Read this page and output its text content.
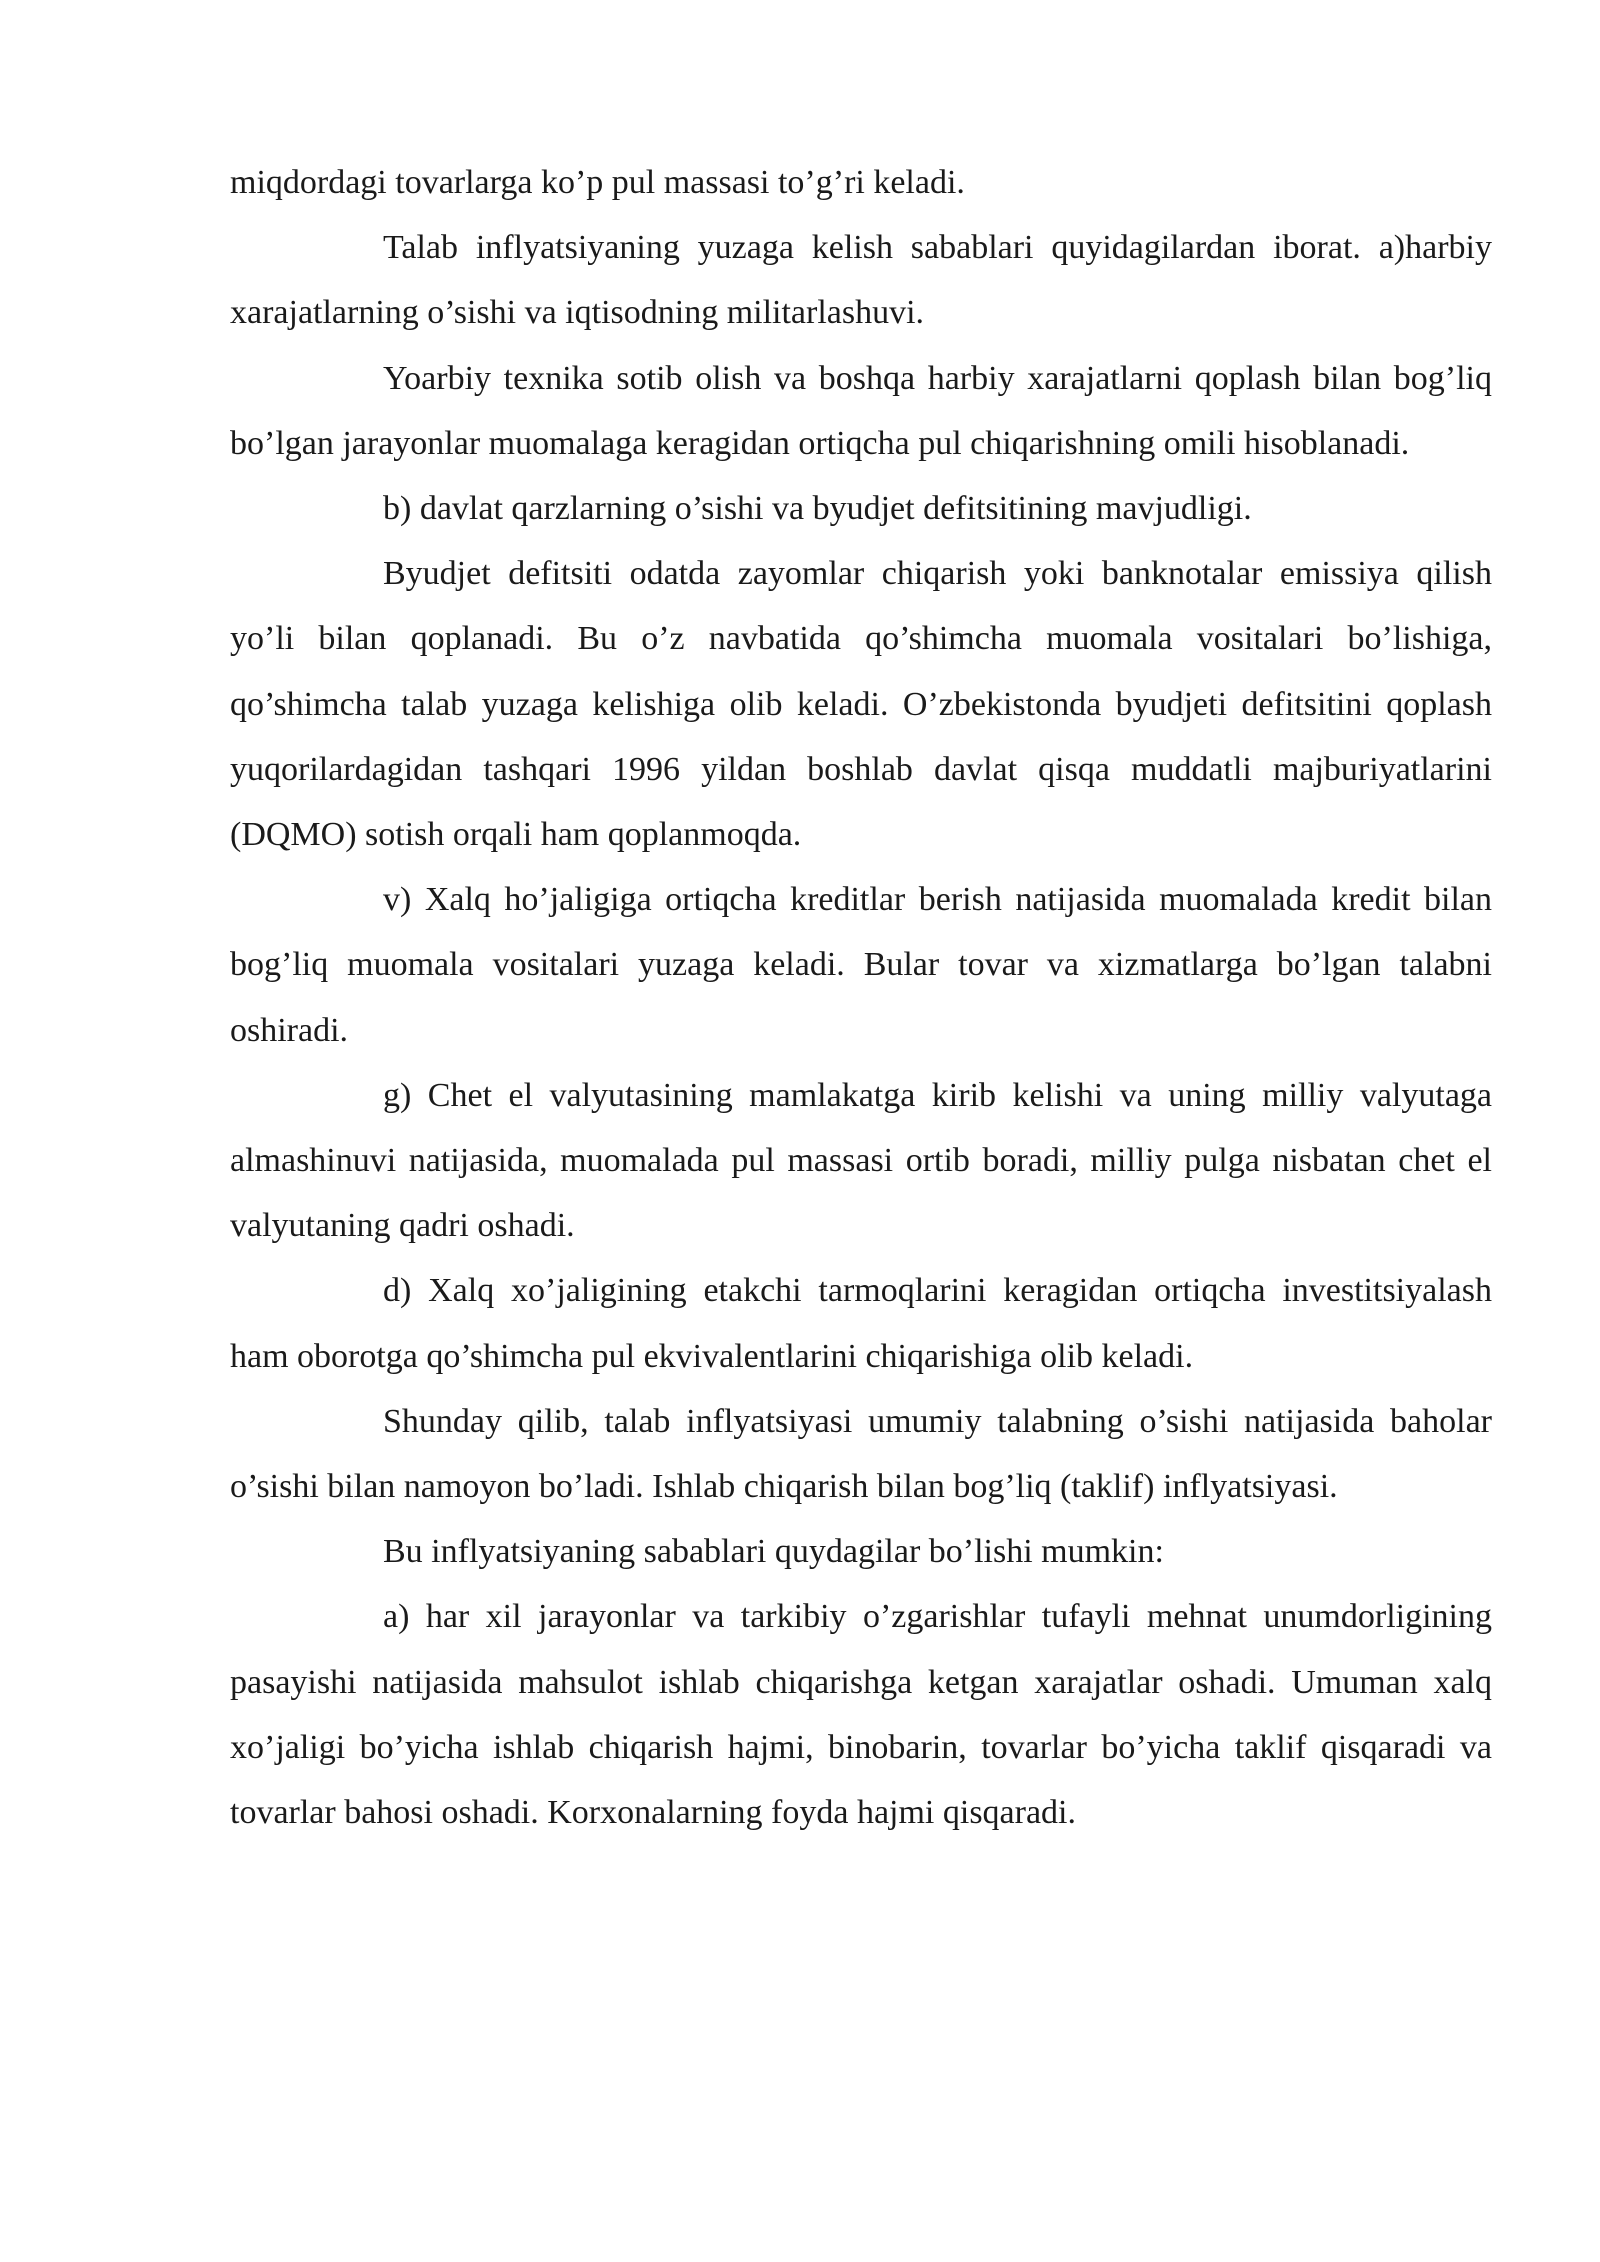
miqdordagi tovarlarga ko’p pul massasi to’g’ri keladi.

Talab inflyatsiyaning yuzaga kelish sabablari quyidagilardan iborat. a)harbiy xarajatlarning o’sishi va iqtisodning militarlashuvi.

Yoarbiy texnika sotib olish va boshqa harbiy xarajatlarni qoplash bilan bog’liq bo’lgan jarayonlar muomalaga keragidan ortiqcha pul chiqarishning omili hisoblanadi.

b) davlat qarzlarning o’sishi va byudjet defitsitining mavjudligi.

Byudjet defitsiti odatda zayomlar chiqarish yoki banknotalar emissiya qilish yo’li bilan qoplanadi. Bu o’z navbatida qo’shimcha muomala vositalari bo’lishiga, qo’shimcha talab yuzaga kelishiga olib keladi. O’zbekistonda byudjeti defitsitini qoplash yuqorilardagidan tashqari 1996 yildan boshlab davlat qisqa muddatli majburiyatlarini (DQMO) sotish orqali ham qoplanmoqda.

v) Xalq ho’jaligiga ortiqcha kreditlar berish natijasida muomalada kredit bilan bog’liq muomala vositalari yuzaga keladi. Bular tovar va xizmatlarga bo’lgan talabni oshiradi.

g) Chet el valyutasining mamlakatga kirib kelishi va uning milliy valyutaga almashinuvi natijasida, muomalada pul massasi ortib boradi, milliy pulga nisbatan chet el valyutaning qadri oshadi.

d) Xalq xo’jaligining etakchi tarmoqlarini keragidan ortiqcha investitsiyalash ham oborotga qo’shimcha pul ekvivalentlarini chiqarishiga olib keladi.

Shunday qilib, talab inflyatsiyasi umumiy talabning o’sishi natijasida baholar o’sishi bilan namoyon bo’ladi. Ishlab chiqarish bilan bog’liq (taklif) inflyatsiyasi.

Bu inflyatsiyaning sabablari quydagilar bo’lishi mumkin:

a) har xil jarayonlar va tarkibiy o’zgarishlar tufayli mehnat unumdorligining pasayishi natijasida mahsulot ishlab chiqarishga ketgan xarajatlar oshadi. Umuman xalq xo’jaligi bo’yicha ishlab chiqarish hajmi, binobarin, tovarlar bo’yicha taklif qisqaradi va tovarlar bahosi oshadi. Korxonalarning foyda hajmi qisqaradi.
